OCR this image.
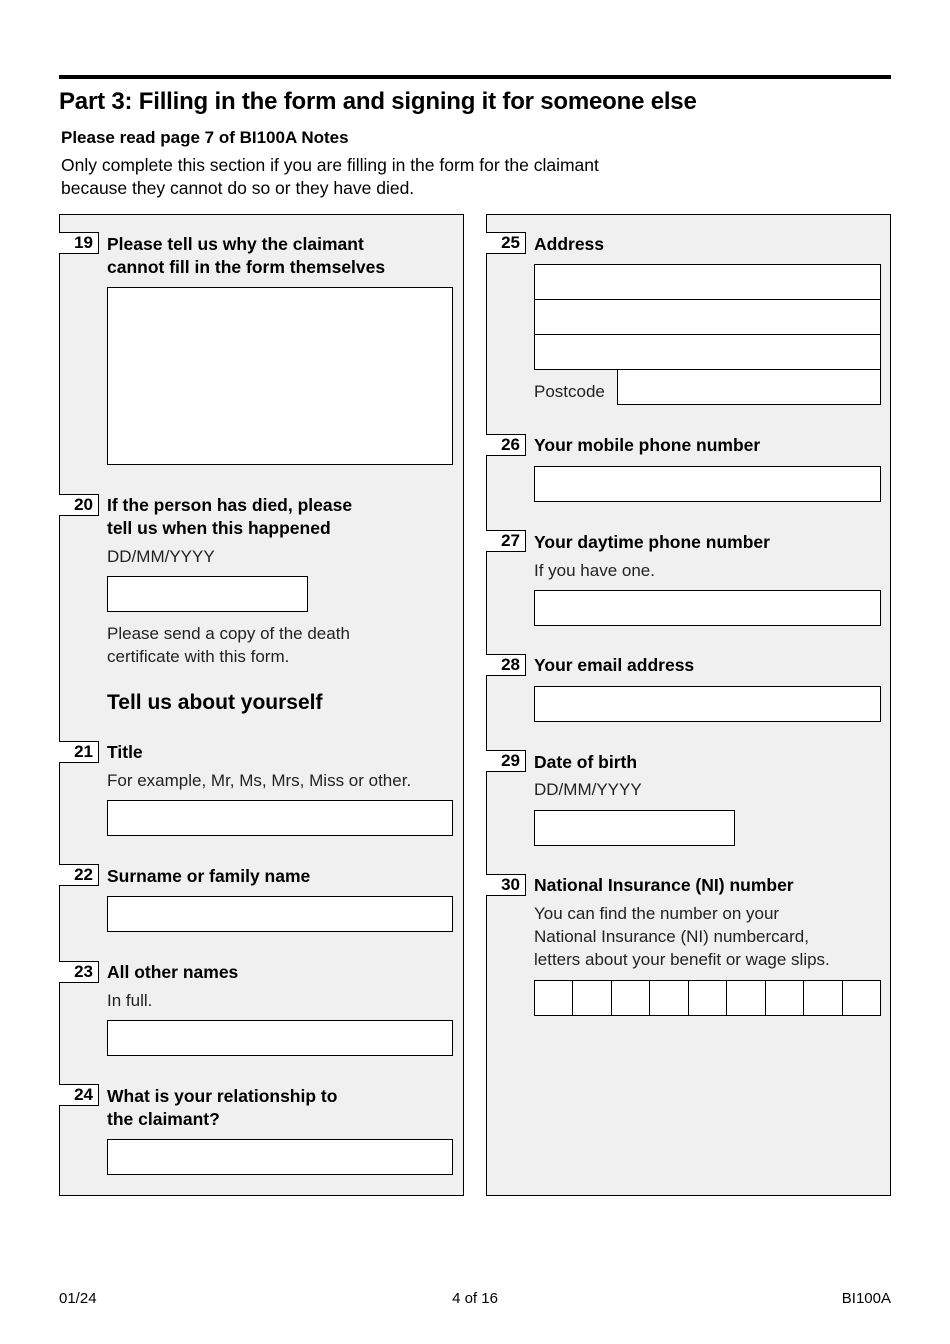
Part 3: Filling in the form and signing it for someone else
Please read page 7 of BI100A Notes
Only complete this section if you are filling in the form for the claimant
because they cannot do so or they have died.
19 Please tell us why the claimant
cannot fill in the form themselves
20 If the person has died, please
tell us when this happened
DD/MM/YYYY
Please send a copy of the death
certificate with this form.
Tell us about yourself
21 Title
For example, Mr, Ms, Mrs, Miss or other.
22 Surname or family name
23 All other names
In full.
24 What is your relationship to
the claimant?
25 Address
Postcode
26 Your mobile phone number
27 Your daytime phone number
If you have one.
28 Your email address
29 Date of birth
DD/MM/YYYY
30 National Insurance (NI) number
You can find the number on your
National Insurance (NI) numbercard,
letters about your benefit or wage slips.
01/24	4 of 16	BI100A
